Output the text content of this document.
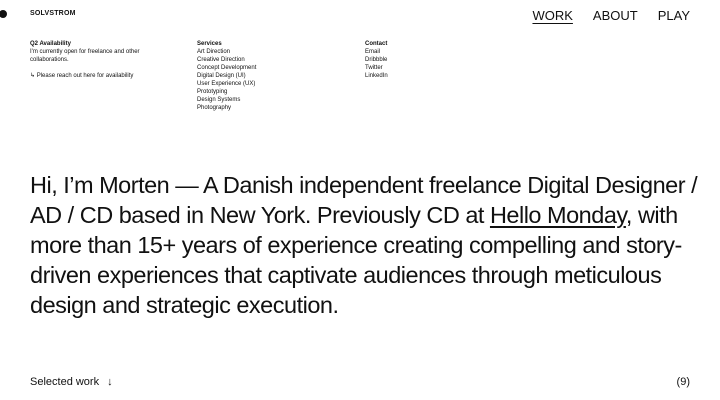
SOLVSTROM	WORK ABOUT PLAY
Q2 Availability
I'm currently open for freelance and other collaborations.
↳ Please reach out here for availability
Services
Art Direction
Creative Direction
Concept Development
Digital Design (UI)
User Experience (UX)
Prototyping
Design Systems
Photography
Contact
Email
Dribbble
Twitter
LinkedIn

Hi, I’m Morten — A Danish independent freelance Digital Designer / AD / CD based in New York. Previously CD at Hello Monday, with more than 15+ years of experience creating compelling and story-driven experiences that captivate audiences through meticulous design and strategic execution.

Selected work ↓	(9)
